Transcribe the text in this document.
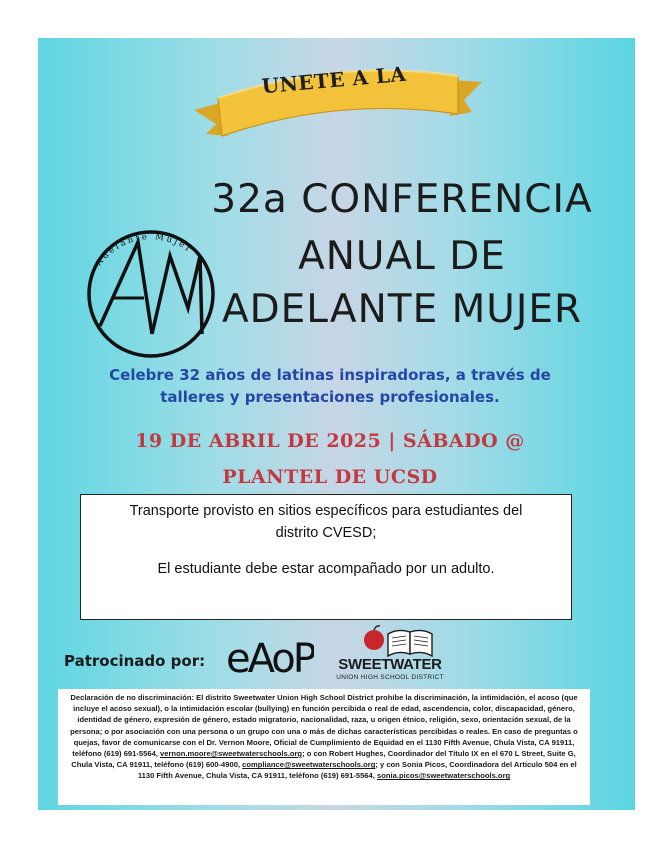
UNETE A LA
Adelante Mujer
32a CONFERENCIA
ANUAL DE
ADELANTE MUJER
Celebre 32 años de latinas inspiradoras, a través de
talleres y presentaciones profesionales.
19 DE ABRIL DE 2025 | SÁBADO @
PLANTEL DE UCSD
Transporte provisto en sitios específicos para estudiantes del
distrito CVESD;
El estudiante debe estar acompañado por un adulto.
Patrocinado por: eAoP	SWEETWATER
UNION HIGH SCHOOL DISTRICT
Declaración de no discriminación: El distrito Sweetwater Union High School District prohíbe la discriminación, la intimidación, el acoso (que incluye el acoso sexual), o la intimidación escolar (bullying) en función percibida o real de edad, ascendencia, color, discapacidad, género, identidad de género, expresión de género, estado migratorio, nacionalidad, raza, u origen étnico, religión, sexo, orientación sexual, de la persona; o por asociación con una persona o un grupo con una o más de dichas características percibidas o reales. En caso de preguntas o quejas, favor de comunicarse con el Dr. Vernon Moore, Oficial de Cumplimiento de Equidad en el 1130 Fifth Avenue, Chula Vista, CA 91911, teléfono (619) 691-5564, vernon.moore@sweetwaterschools.org; o con Robert Hughes, Coordinador del Título IX en el 670 L Street, Suite G, Chula Vista, CA 91911, teléfono (619) 600-4900, compliance@sweetwaterschools.org; y con Sonia Picos, Coordinadora del Artículo 504 en el 1130 Fifth Avenue, Chula Vista, CA 91911, teléfono (619) 691-5564, sonia.picos@sweetwaterschools.org
